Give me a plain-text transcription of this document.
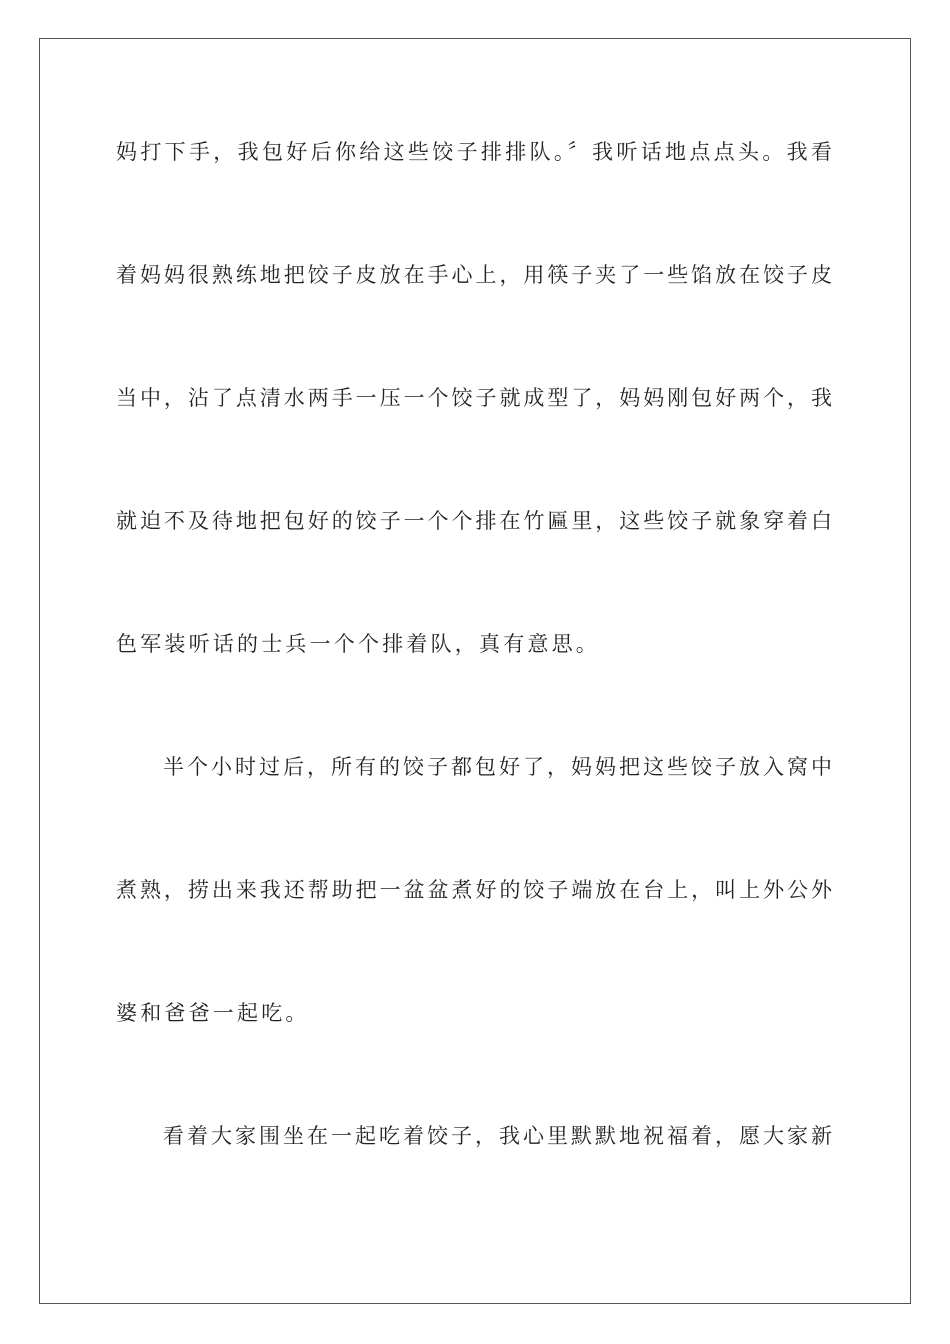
妈打下手，我包好后你给这些饺子排排队。〞我听话地点点头。我看
着妈妈很熟练地把饺子皮放在手心上，用筷子夹了一些馅放在饺子皮
当中，沾了点清水两手一压一个饺子就成型了，妈妈刚包好两个，我
就迫不及待地把包好的饺子一个个排在竹匾里，这些饺子就象穿着白
色军装听话的士兵一个个排着队，真有意思。
半个小时过后，所有的饺子都包好了，妈妈把这些饺子放入窝中
煮熟，捞出来我还帮助把一盆盆煮好的饺子端放在台上，叫上外公外
婆和爸爸一起吃。
看着大家围坐在一起吃着饺子，我心里默默地祝福着，愿大家新
